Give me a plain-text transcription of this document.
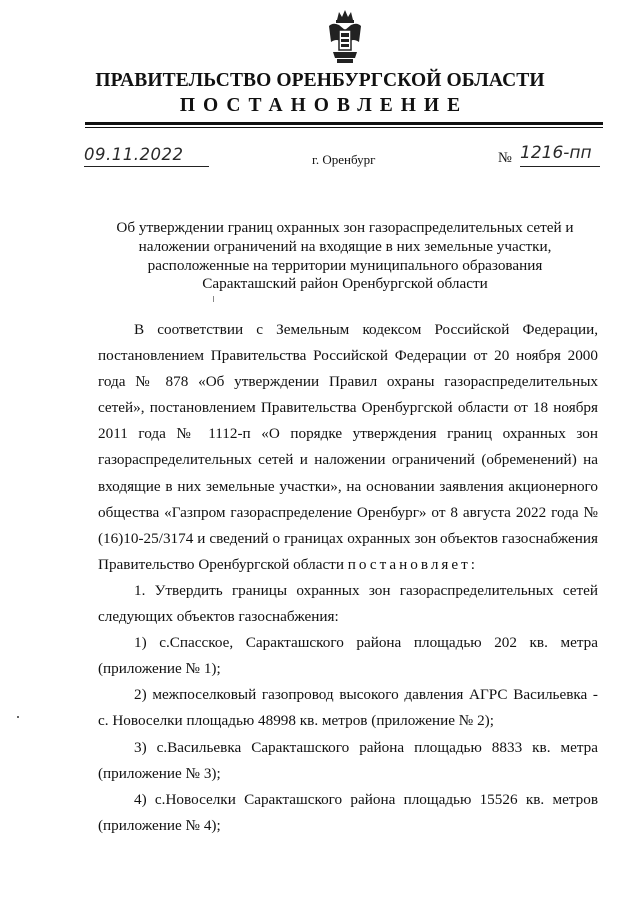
ПРАВИТЕЛЬСТВО ОРЕНБУРГСКОЙ ОБЛАСТИ
ПОСТАНОВЛЕНИЕ
09.11.2022	г. Оренбург	№ 1216-пп
Об утверждении границ охранных зон газораспределительных сетей и
наложении ограничений на входящие в них земельные участки,
расположенные на территории муниципального образования
Саракташский район Оренбургской области

В соответствии с Земельным кодексом Российской Федерации, постановлением Правительства Российской Федерации от 20 ноября 2000 года № 878 «Об утверждении Правил охраны газораспределительных сетей», постановлением Правительства Оренбургской области от 18 ноября 2011 года № 1112-п «О порядке утверждения границ охранных зон газораспределительных сетей и наложении ограничений (обременений) на входящие в них земельные участки», на основании заявления акционерного общества «Газпром газораспределение Оренбург» от 8 августа 2022 года № (16)10-25/3174 и сведений о границах охранных зон объектов газоснабжения Правительство Оренбургской области постановляет:

1. Утвердить границы охранных зон газораспределительных сетей следующих объектов газоснабжения:

1) с.Спасское, Саракташского района площадью 202 кв. метра (приложение № 1);

2) межпоселковый газопровод высокого давления АГРС Васильевка - с. Новоселки площадью 48998 кв. метров (приложение № 2);

3) с.Васильевка Саракташского района площадью 8833 кв. метра (приложение № 3);

4) с.Новоселки Саракташского района площадью 15526 кв. метров (приложение № 4);
